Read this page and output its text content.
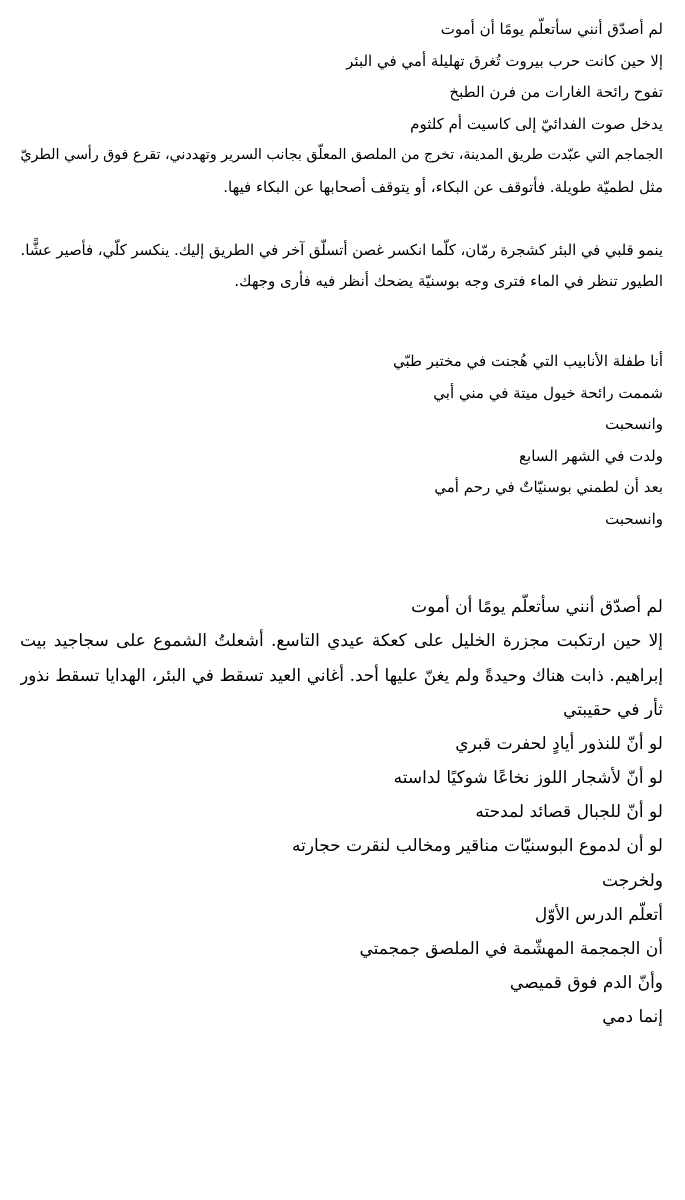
لم أصدّق أنني سأتعلّم يومًا أن أموت
إلا حين كانت حرب بيروت تُغرق تهليلة أمي في البئر
تفوح رائحة الغارات من فرن الطبخ
يدخل صوت الفدائيّ إلى كاسيت أم كلثوم
الجماجم التي عبّدت طريق المدينة، تخرج من الملصق المعلّق بجانب السرير وتهددني، تقرع فوق رأسي الطريّ
مثل لطميّة طويلة. فأتوقف عن البكاء، أو يتوقف أصحابها عن البكاء فيها.

ينمو قلبي في البئر كشجرة رمّان، كلّما انكسر غصن أتسلّق آخر في الطريق إليك. ينكسر كلّي، فأصير عشًّا.
الطيور تنظر في الماء فترى وجه بوسنيّة يضحك أنظر فيه فأرى وجهك.
أنا طفلة الأنابيب التي هُجنت في مختبر طبّي
شممت رائحة خيول ميتة في مني أبي
وانسحبت
ولدت في الشهر السابع
بعد أن لطمني بوسنيّاتٌ في رحم أمي
وانسحبت
لم أصدّق أنني سأتعلّم يومًا أن أموت
إلا حين ارتكبت مجزرة الخليل على كعكة عيدي التاسع. أشعلتُ الشموع على سجاجيد بيت
إبراهيم. ذابت هناك وحيدةً ولم يغنّ عليها أحد. أغاني العيد تسقط في البئر، الهدايا تسقط نذور
ثأر في حقيبتي
لو أنّ للنذور أيادٍ لحفرت قبري
لو أنّ لأشجار اللوز نخاعًا شوكيًا لداسته
لو أنّ للجبال قصائد لمدحته
لو أن لدموع البوسنيّات مناقير ومخالب لنقرت حجارته
ولخرجت
أتعلّم الدرس الأوّل
أن الجمجمة المهشّمة في الملصق جمجمتي
وأنّ الدم فوق قميصي
إنما دمي
